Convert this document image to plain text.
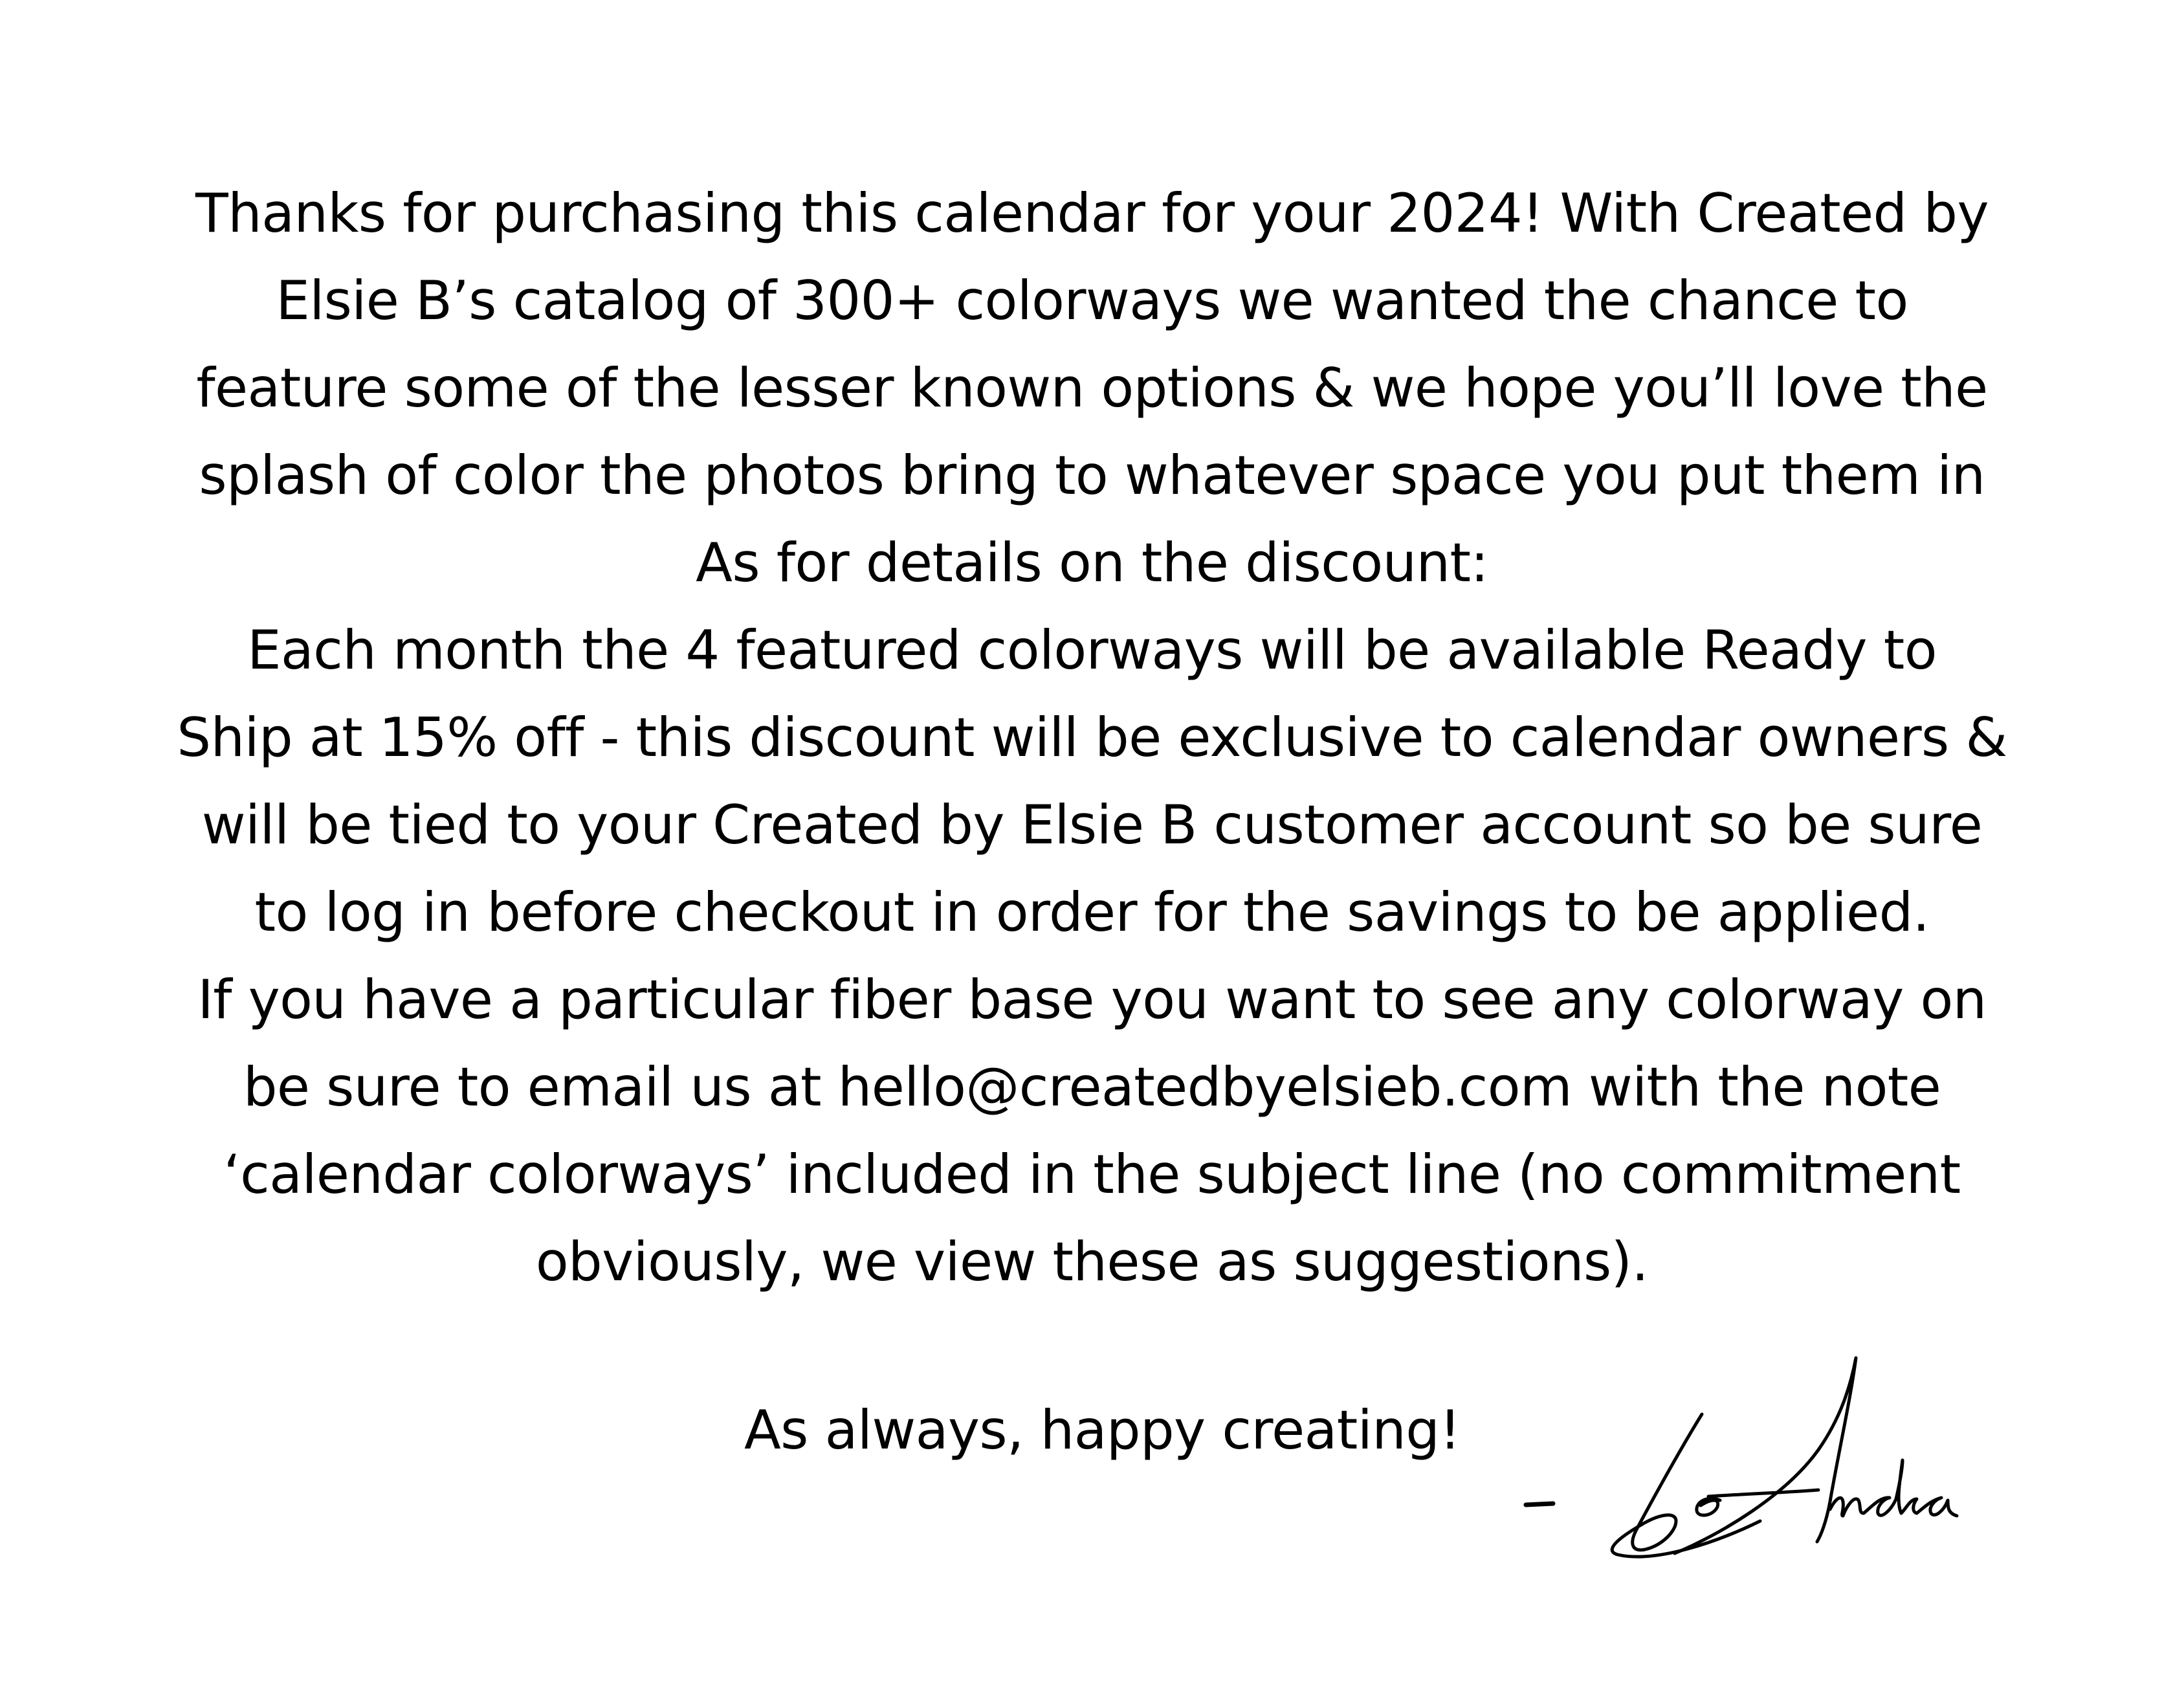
Thanks for purchasing this calendar for your 2024! With Created by
Elsie B’s catalog of 300+ colorways we wanted the chance to
feature some of the lesser known options & we hope you’ll love the
splash of color the photos bring to whatever space you put them in
As for details on the discount:
Each month the 4 featured colorways will be available Ready to
Ship at 15% off - this discount will be exclusive to calendar owners &
will be tied to your Created by Elsie B customer account so be sure
to log in before checkout in order for the savings to be applied.
If you have a particular fiber base you want to see any colorway on
be sure to email us at hello@createdbyelsieb.com with the note
‘calendar colorways’ included in the subject line (no commitment
obviously, we view these as suggestions).
As always, happy creating!
